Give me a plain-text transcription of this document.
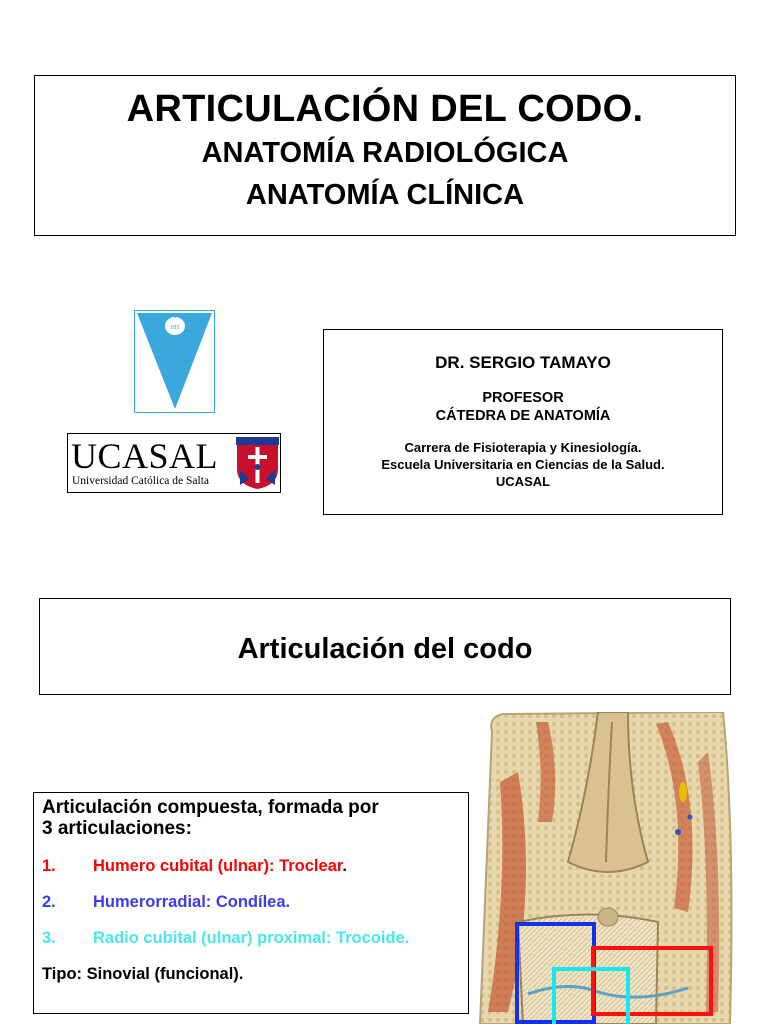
ARTICULACIÓN DEL CODO.
ANATOMÍA RADIOLÓGICA
ANATOMÍA CLÍNICA
IHS
UCASAL
Universidad Católica de Salta
DR. SERGIO TAMAYO
PROFESOR
CÁTEDRA DE ANATOMÍA
Carrera de Fisioterapia y Kinesiología.
Escuela Universitaria en Ciencias de la Salud.
UCASAL
Articulación del codo
Articulación compuesta, formada por
3 articulaciones:
1. Humero cubital (ulnar): Troclear.
2. Humerorradial: Condílea.
3. Radio cubital (ulnar) proximal: Trocoide.
Tipo: Sinovial (funcional).
